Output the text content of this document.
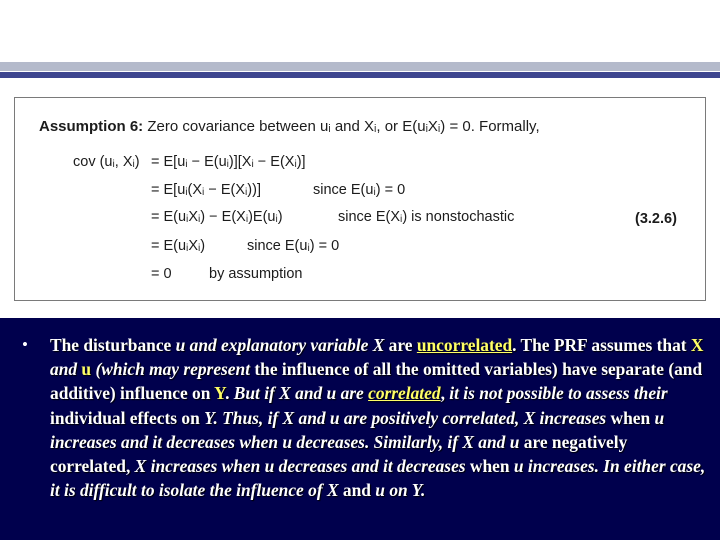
Assumption 6: Zero covariance between uᵢ and Xᵢ, or E(uᵢXᵢ) = 0. Formally,
cov (uᵢ, Xᵢ) = E[uᵢ − E(uᵢ)][Xᵢ − E(Xᵢ)]
= E[uᵢ(Xᵢ − E(Xᵢ))]	since E(uᵢ) = 0
= E(uᵢXᵢ) − E(Xᵢ)E(uᵢ)	since E(Xᵢ) is nonstochastic	(3.2.6)
= E(uᵢXᵢ)	since E(uᵢ) = 0
= 0	by assumption
• The disturbance u and explanatory variable X are uncorrelated. The PRF assumes that X and u (which may represent the influence of all the omitted variables) have separate (and additive) influence on Y. But if X and u are correlated, it is not possible to assess their individual effects on Y. Thus, if X and u are positively correlated, X increases when u increases and it decreases when u decreases. Similarly, if X and u are negatively correlated, X increases when u decreases and it decreases when u increases. In either case, it is difficult to isolate the influence of X and u on Y.
